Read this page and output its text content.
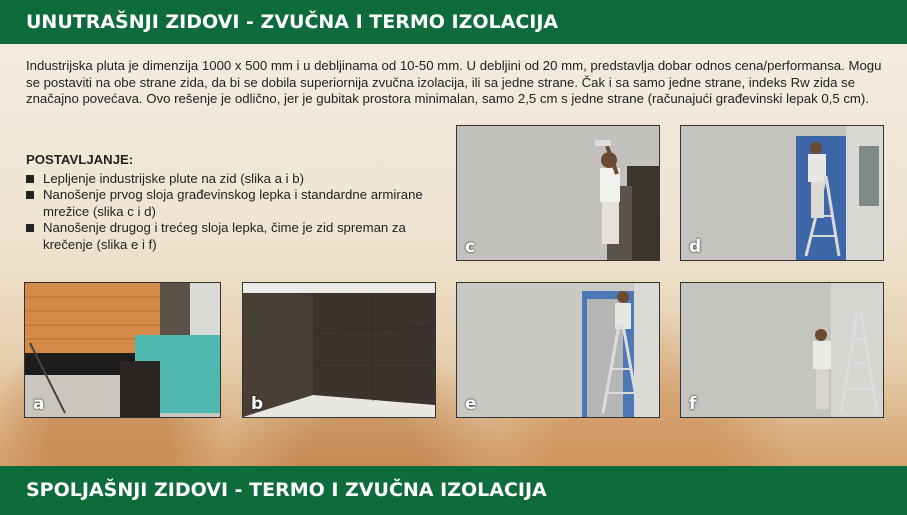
UNUTRAŠNJI ZIDOVI - ZVUČNA I TERMO IZOLACIJA
Industrijska pluta je dimenzija 1000 x 500 mm i u debljinama od 10-50 mm. U debljini od 20 mm, predstavlja dobar odnos cena/performansa. Mogu se postaviti na obe strane zida, da bi se dobila superiornija zvučna izolacija, ili sa jedne strane. Čak i sa samo jedne strane, indeks Rw zida se značajno povećava. Ovo rešenje je odlično, jer je gubitak prostora minimalan, samo 2,5 cm s jedne strane (računajući građevinski lepak 0,5 cm).
POSTAVLJANJE:
Lepljenje industrijske plute na zid (slika a i b)
Nanošenje prvog sloja građevinskog lepka i standardne armirane mrežice (slika c i d)
Nanošenje drugog i trećeg sloja lepka, čime je zid spreman za krečenje (slika e i f)	c	d
a	b	e	f
SPOLJAŠNJI ZIDOVI - TERMO I ZVUČNA IZOLACIJA
